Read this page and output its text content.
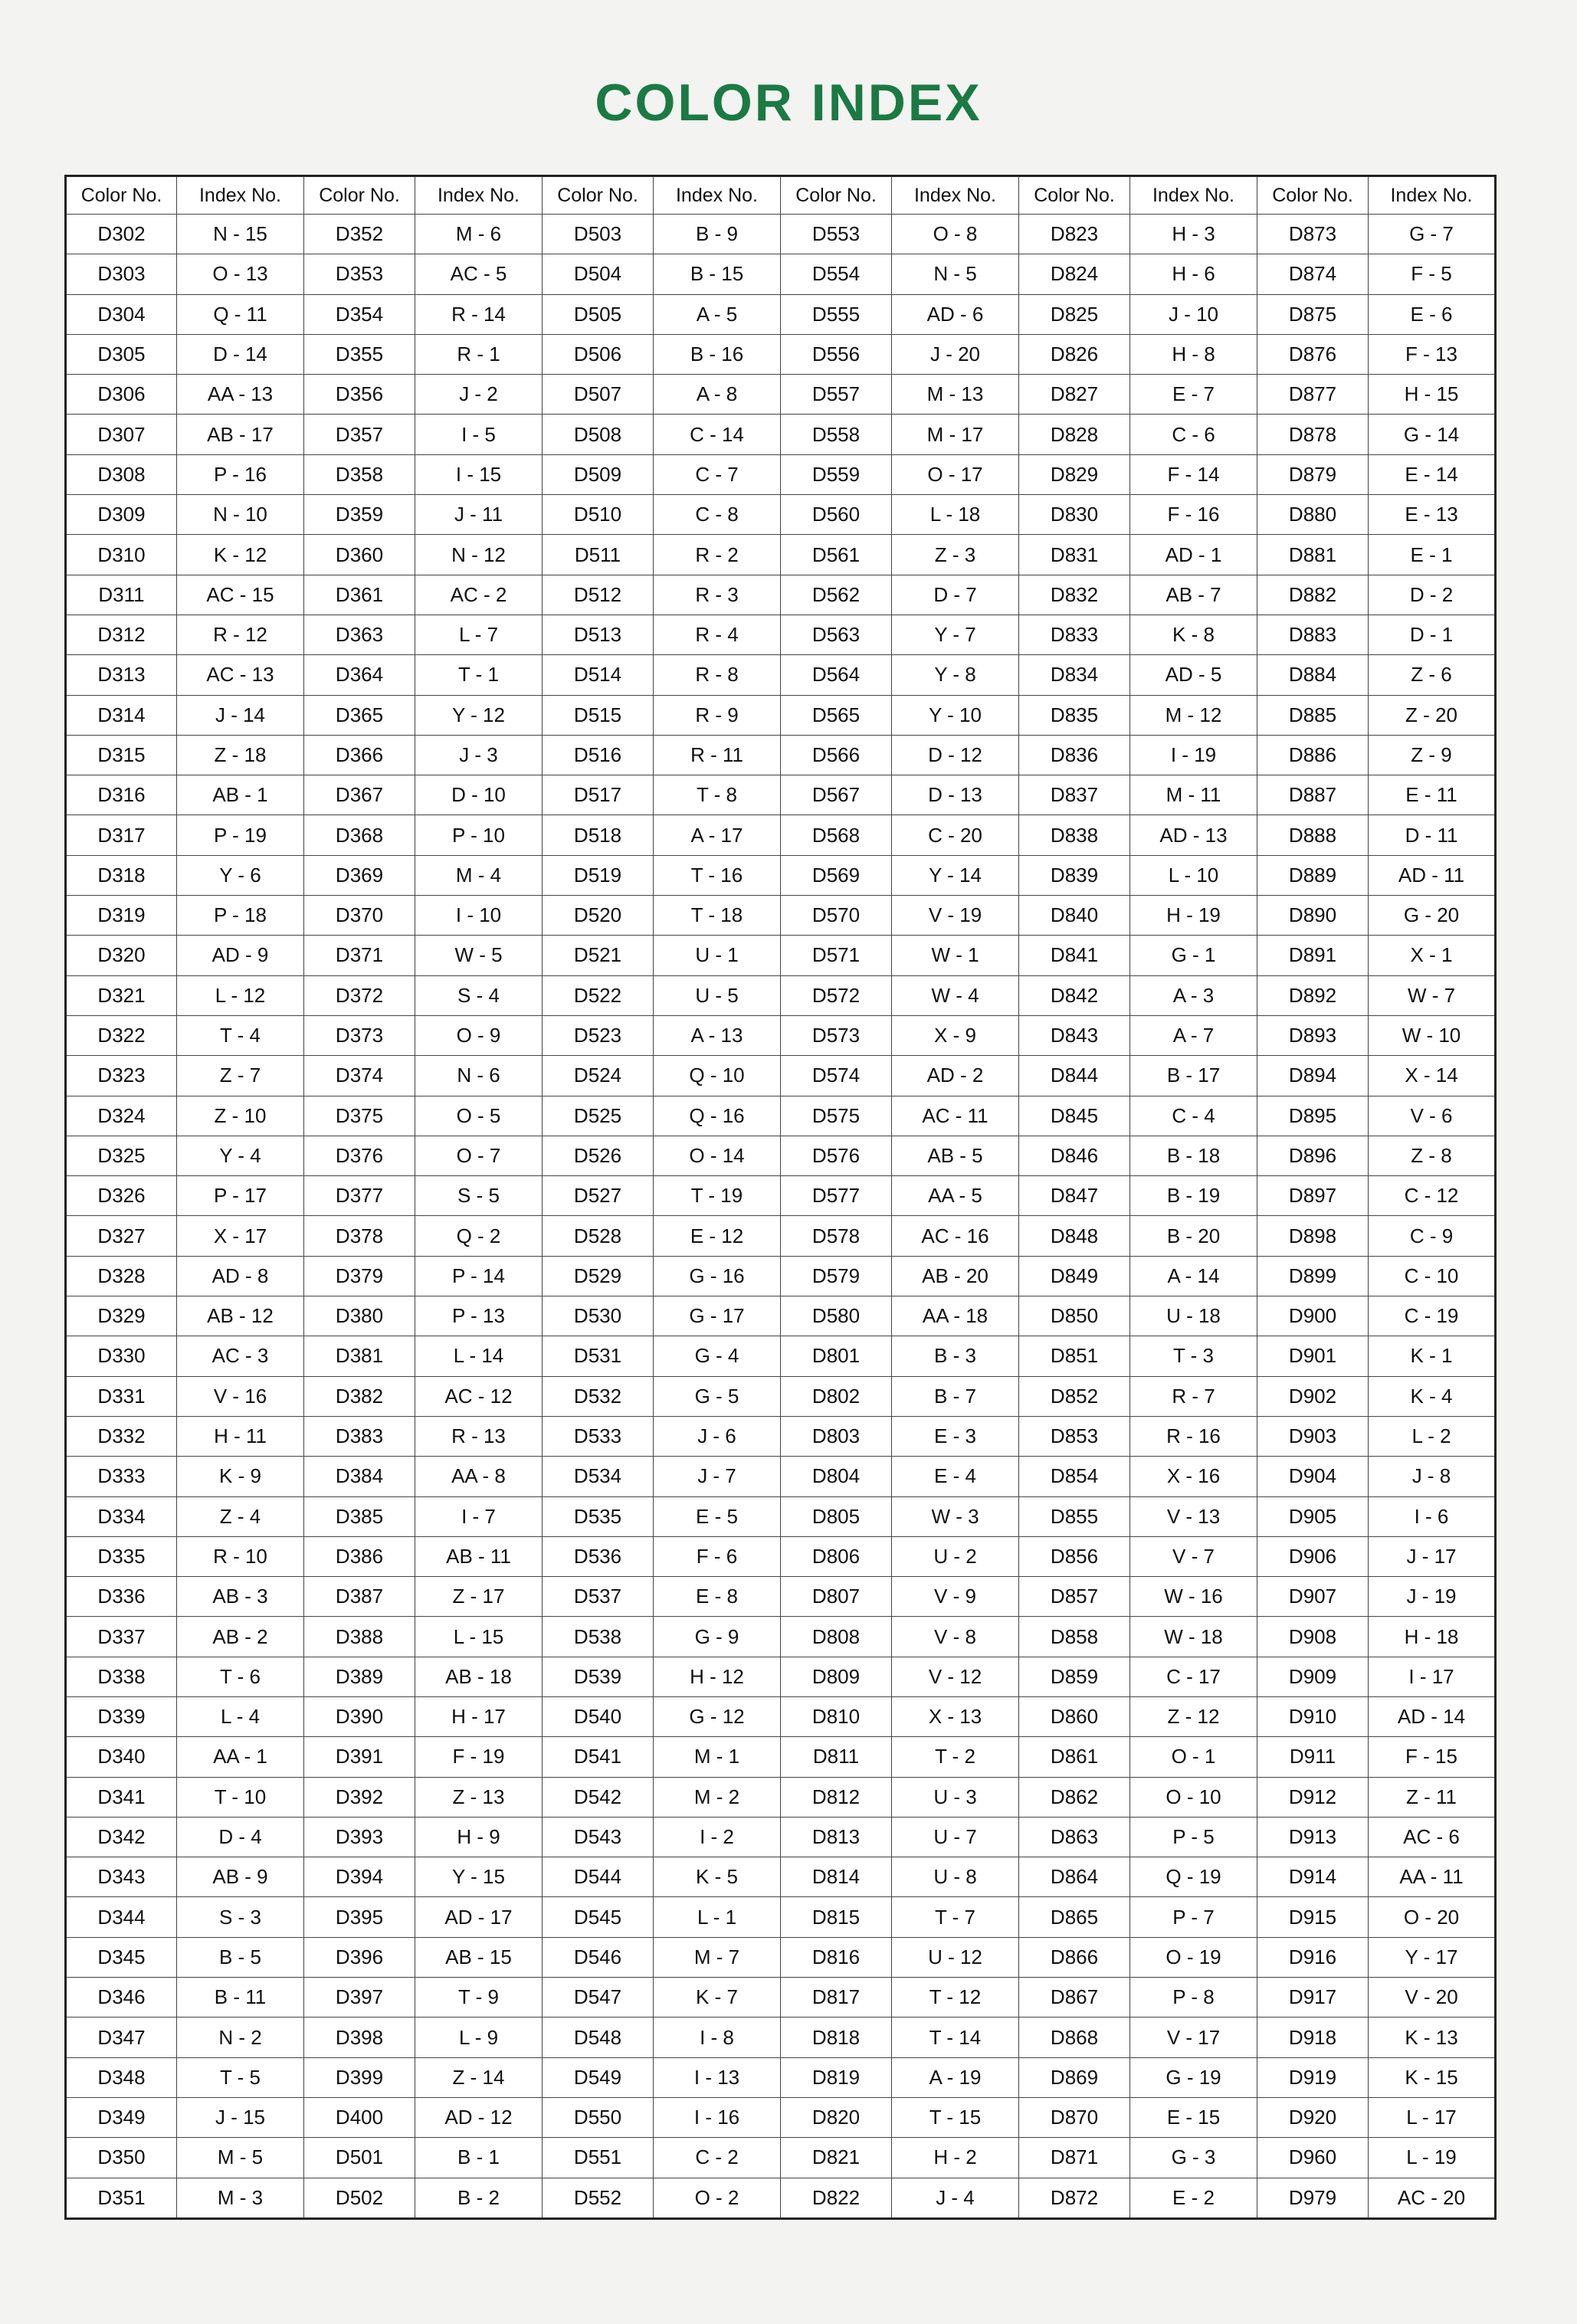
COLOR INDEX
Color No.	Index No.	Color No.	Index No.	Color No.	Index No.	Color No.	Index No.	Color No.	Index No.	Color No.	Index No.
D302	N - 15	D352	M - 6	D503	B - 9	D553	O - 8	D823	H - 3	D873	G - 7
D303	O - 13	D353	AC - 5	D504	B - 15	D554	N - 5	D824	H - 6	D874	F - 5
D304	Q - 11	D354	R - 14	D505	A - 5	D555	AD - 6	D825	J - 10	D875	E - 6
D305	D - 14	D355	R - 1	D506	B - 16	D556	J - 20	D826	H - 8	D876	F - 13
D306	AA - 13	D356	J - 2	D507	A - 8	D557	M - 13	D827	E - 7	D877	H - 15
D307	AB - 17	D357	I - 5	D508	C - 14	D558	M - 17	D828	C - 6	D878	G - 14
D308	P - 16	D358	I - 15	D509	C - 7	D559	O - 17	D829	F - 14	D879	E - 14
D309	N - 10	D359	J - 11	D510	C - 8	D560	L - 18	D830	F - 16	D880	E - 13
D310	K - 12	D360	N - 12	D511	R - 2	D561	Z - 3	D831	AD - 1	D881	E - 1
D311	AC - 15	D361	AC - 2	D512	R - 3	D562	D - 7	D832	AB - 7	D882	D - 2
D312	R - 12	D363	L - 7	D513	R - 4	D563	Y - 7	D833	K - 8	D883	D - 1
D313	AC - 13	D364	T - 1	D514	R - 8	D564	Y - 8	D834	AD - 5	D884	Z - 6
D314	J - 14	D365	Y - 12	D515	R - 9	D565	Y - 10	D835	M - 12	D885	Z - 20
D315	Z - 18	D366	J - 3	D516	R - 11	D566	D - 12	D836	I - 19	D886	Z - 9
D316	AB - 1	D367	D - 10	D517	T - 8	D567	D - 13	D837	M - 11	D887	E - 11
D317	P - 19	D368	P - 10	D518	A - 17	D568	C - 20	D838	AD - 13	D888	D - 11
D318	Y - 6	D369	M - 4	D519	T - 16	D569	Y - 14	D839	L - 10	D889	AD - 11
D319	P - 18	D370	I - 10	D520	T - 18	D570	V - 19	D840	H - 19	D890	G - 20
D320	AD - 9	D371	W - 5	D521	U - 1	D571	W - 1	D841	G - 1	D891	X - 1
D321	L - 12	D372	S - 4	D522	U - 5	D572	W - 4	D842	A - 3	D892	W - 7
D322	T - 4	D373	O - 9	D523	A - 13	D573	X - 9	D843	A - 7	D893	W - 10
D323	Z - 7	D374	N - 6	D524	Q - 10	D574	AD - 2	D844	B - 17	D894	X - 14
D324	Z - 10	D375	O - 5	D525	Q - 16	D575	AC - 11	D845	C - 4	D895	V - 6
D325	Y - 4	D376	O - 7	D526	O - 14	D576	AB - 5	D846	B - 18	D896	Z - 8
D326	P - 17	D377	S - 5	D527	T - 19	D577	AA - 5	D847	B - 19	D897	C - 12
D327	X - 17	D378	Q - 2	D528	E - 12	D578	AC - 16	D848	B - 20	D898	C - 9
D328	AD - 8	D379	P - 14	D529	G - 16	D579	AB - 20	D849	A - 14	D899	C - 10
D329	AB - 12	D380	P - 13	D530	G - 17	D580	AA - 18	D850	U - 18	D900	C - 19
D330	AC - 3	D381	L - 14	D531	G - 4	D801	B - 3	D851	T - 3	D901	K - 1
D331	V - 16	D382	AC - 12	D532	G - 5	D802	B - 7	D852	R - 7	D902	K - 4
D332	H - 11	D383	R - 13	D533	J - 6	D803	E - 3	D853	R - 16	D903	L - 2
D333	K - 9	D384	AA - 8	D534	J - 7	D804	E - 4	D854	X - 16	D904	J - 8
D334	Z - 4	D385	I - 7	D535	E - 5	D805	W - 3	D855	V - 13	D905	I - 6
D335	R - 10	D386	AB - 11	D536	F - 6	D806	U - 2	D856	V - 7	D906	J - 17
D336	AB - 3	D387	Z - 17	D537	E - 8	D807	V - 9	D857	W - 16	D907	J - 19
D337	AB - 2	D388	L - 15	D538	G - 9	D808	V - 8	D858	W - 18	D908	H - 18
D338	T - 6	D389	AB - 18	D539	H - 12	D809	V - 12	D859	C - 17	D909	I - 17
D339	L - 4	D390	H - 17	D540	G - 12	D810	X - 13	D860	Z - 12	D910	AD - 14
D340	AA - 1	D391	F - 19	D541	M - 1	D811	T - 2	D861	O - 1	D911	F - 15
D341	T - 10	D392	Z - 13	D542	M - 2	D812	U - 3	D862	O - 10	D912	Z - 11
D342	D - 4	D393	H - 9	D543	I - 2	D813	U - 7	D863	P - 5	D913	AC - 6
D343	AB - 9	D394	Y - 15	D544	K - 5	D814	U - 8	D864	Q - 19	D914	AA - 11
D344	S - 3	D395	AD - 17	D545	L - 1	D815	T - 7	D865	P - 7	D915	O - 20
D345	B - 5	D396	AB - 15	D546	M - 7	D816	U - 12	D866	O - 19	D916	Y - 17
D346	B - 11	D397	T - 9	D547	K - 7	D817	T - 12	D867	P - 8	D917	V - 20
D347	N - 2	D398	L - 9	D548	I - 8	D818	T - 14	D868	V - 17	D918	K - 13
D348	T - 5	D399	Z - 14	D549	I - 13	D819	A - 19	D869	G - 19	D919	K - 15
D349	J - 15	D400	AD - 12	D550	I - 16	D820	T - 15	D870	E - 15	D920	L - 17
D350	M - 5	D501	B - 1	D551	C - 2	D821	H - 2	D871	G - 3	D960	L - 19
D351	M - 3	D502	B - 2	D552	O - 2	D822	J - 4	D872	E - 2	D979	AC - 20
